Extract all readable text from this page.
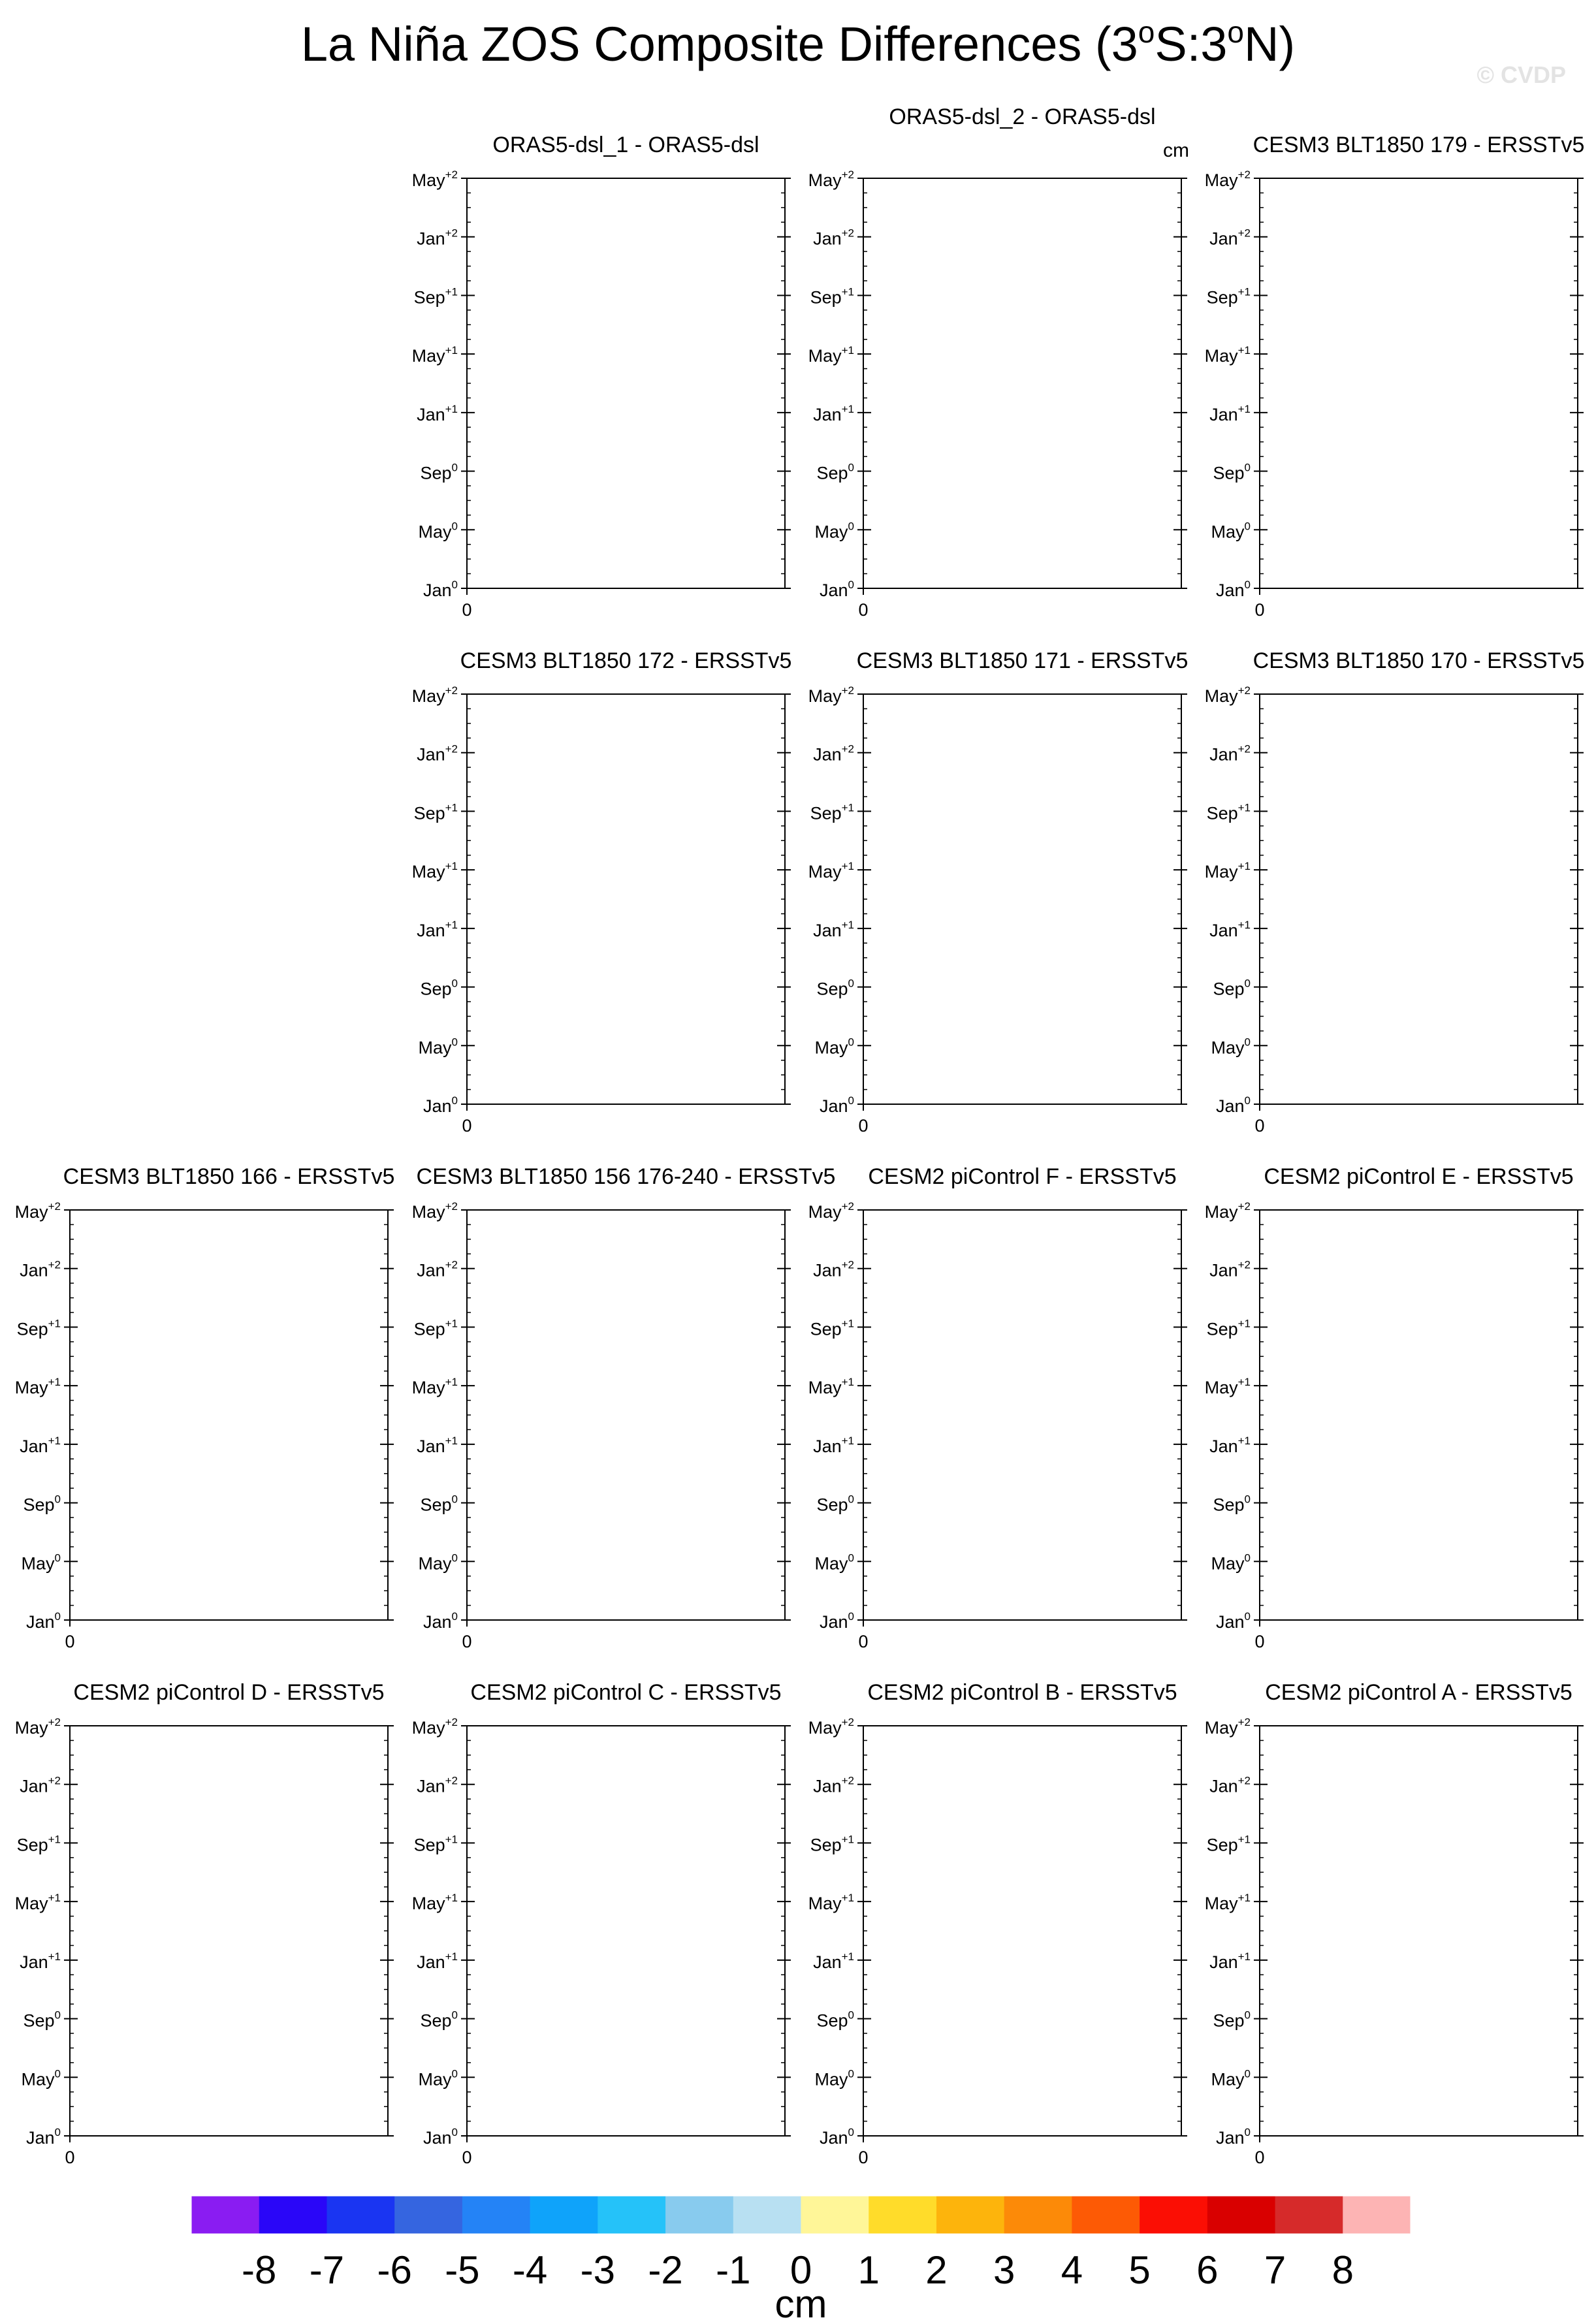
La Niña ZOS Composite Differences (3$^o$S:3$^o$N)
© CVDP
ORAS5-dsl_1 - ORAS5-dsl
Jan$^0$
May$^0$
Sep$^0$
Jan$^{+1}$
May$^{+1}$
Sep$^{+1}$
Jan$^{+2}$
May$^{+2}$
0
ORAS5-dsl_2 - ORAS5-dsl
cm
Jan$^0$
May$^0$
Sep$^0$
Jan$^{+1}$
May$^{+1}$
Sep$^{+1}$
Jan$^{+2}$
May$^{+2}$
0
CESM3 BLT1850 179 - ERSSTv5
Jan$^0$
May$^0$
Sep$^0$
Jan$^{+1}$
May$^{+1}$
Sep$^{+1}$
Jan$^{+2}$
May$^{+2}$
0
CESM3 BLT1850 172 - ERSSTv5
Jan$^0$
May$^0$
Sep$^0$
Jan$^{+1}$
May$^{+1}$
Sep$^{+1}$
Jan$^{+2}$
May$^{+2}$
0
CESM3 BLT1850 171 - ERSSTv5
Jan$^0$
May$^0$
Sep$^0$
Jan$^{+1}$
May$^{+1}$
Sep$^{+1}$
Jan$^{+2}$
May$^{+2}$
0
CESM3 BLT1850 170 - ERSSTv5
Jan$^0$
May$^0$
Sep$^0$
Jan$^{+1}$
May$^{+1}$
Sep$^{+1}$
Jan$^{+2}$
May$^{+2}$
0
CESM3 BLT1850 166 - ERSSTv5
Jan$^0$
May$^0$
Sep$^0$
Jan$^{+1}$
May$^{+1}$
Sep$^{+1}$
Jan$^{+2}$
May$^{+2}$
0
CESM3 BLT1850 156 176-240 - ERSSTv5
Jan$^0$
May$^0$
Sep$^0$
Jan$^{+1}$
May$^{+1}$
Sep$^{+1}$
Jan$^{+2}$
May$^{+2}$
0
CESM2 piControl F - ERSSTv5
Jan$^0$
May$^0$
Sep$^0$
Jan$^{+1}$
May$^{+1}$
Sep$^{+1}$
Jan$^{+2}$
May$^{+2}$
0
CESM2 piControl E - ERSSTv5
Jan$^0$
May$^0$
Sep$^0$
Jan$^{+1}$
May$^{+1}$
Sep$^{+1}$
Jan$^{+2}$
May$^{+2}$
0
CESM2 piControl D - ERSSTv5
Jan$^0$
May$^0$
Sep$^0$
Jan$^{+1}$
May$^{+1}$
Sep$^{+1}$
Jan$^{+2}$
May$^{+2}$
0
CESM2 piControl C - ERSSTv5
Jan$^0$
May$^0$
Sep$^0$
Jan$^{+1}$
May$^{+1}$
Sep$^{+1}$
Jan$^{+2}$
May$^{+2}$
0
CESM2 piControl B - ERSSTv5
Jan$^0$
May$^0$
Sep$^0$
Jan$^{+1}$
May$^{+1}$
Sep$^{+1}$
Jan$^{+2}$
May$^{+2}$
0
CESM2 piControl A - ERSSTv5
Jan$^0$
May$^0$
Sep$^0$
Jan$^{+1}$
May$^{+1}$
Sep$^{+1}$
Jan$^{+2}$
May$^{+2}$
0
-8 -7 -6 -5 -4 -3 -2 -1 0 1 2 3 4 5 6 7 8
cm
